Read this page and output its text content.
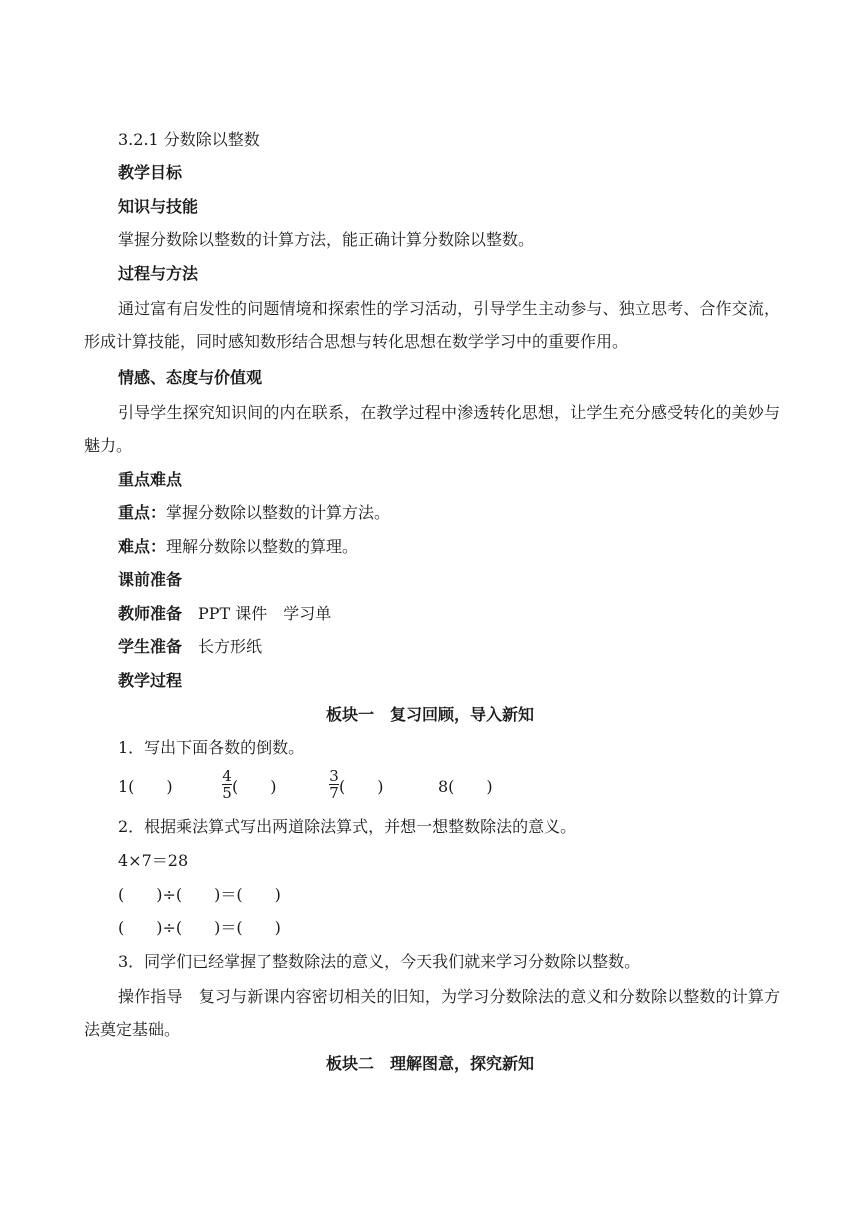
3.2.1 分数除以整数
教学目标
知识与技能
掌握分数除以整数的计算方法，能正确计算分数除以整数。
过程与方法
通过富有启发性的问题情境和探索性的学习活动，引导学生主动参与、独立思考、合作交流，形成计算技能，同时感知数形结合思想与转化思想在数学学习中的重要作用。
情感、态度与价值观
引导学生探究知识间的内在联系，在教学过程中渗透转化思想，让学生充分感受转化的美妙与魅力。
重点难点
重点：掌握分数除以整数的计算方法。
难点：理解分数除以整数的算理。
课前准备
教师准备 PPT 课件　学习单
学生准备 长方形纸
教学过程
板块一　复习回顾，导入新知
1．写出下面各数的倒数。
1(　　)	$\frac{4}{5}$ (　　)	$\frac{3}{7}$ (　　)	8(　　)
2．根据乘法算式写出两道除法算式，并想一想整数除法的意义。
4×7＝28
(　　)÷(　　)＝(　　)
(　　)÷(　　)＝(　　)
3．同学们已经掌握了整数除法的意义，今天我们就来学习分数除以整数。
操作指导 复习与新课内容密切相关的旧知，为学习分数除法的意义和分数除以整数的计算方法奠定基础。
板块二　理解图意，探究新知
